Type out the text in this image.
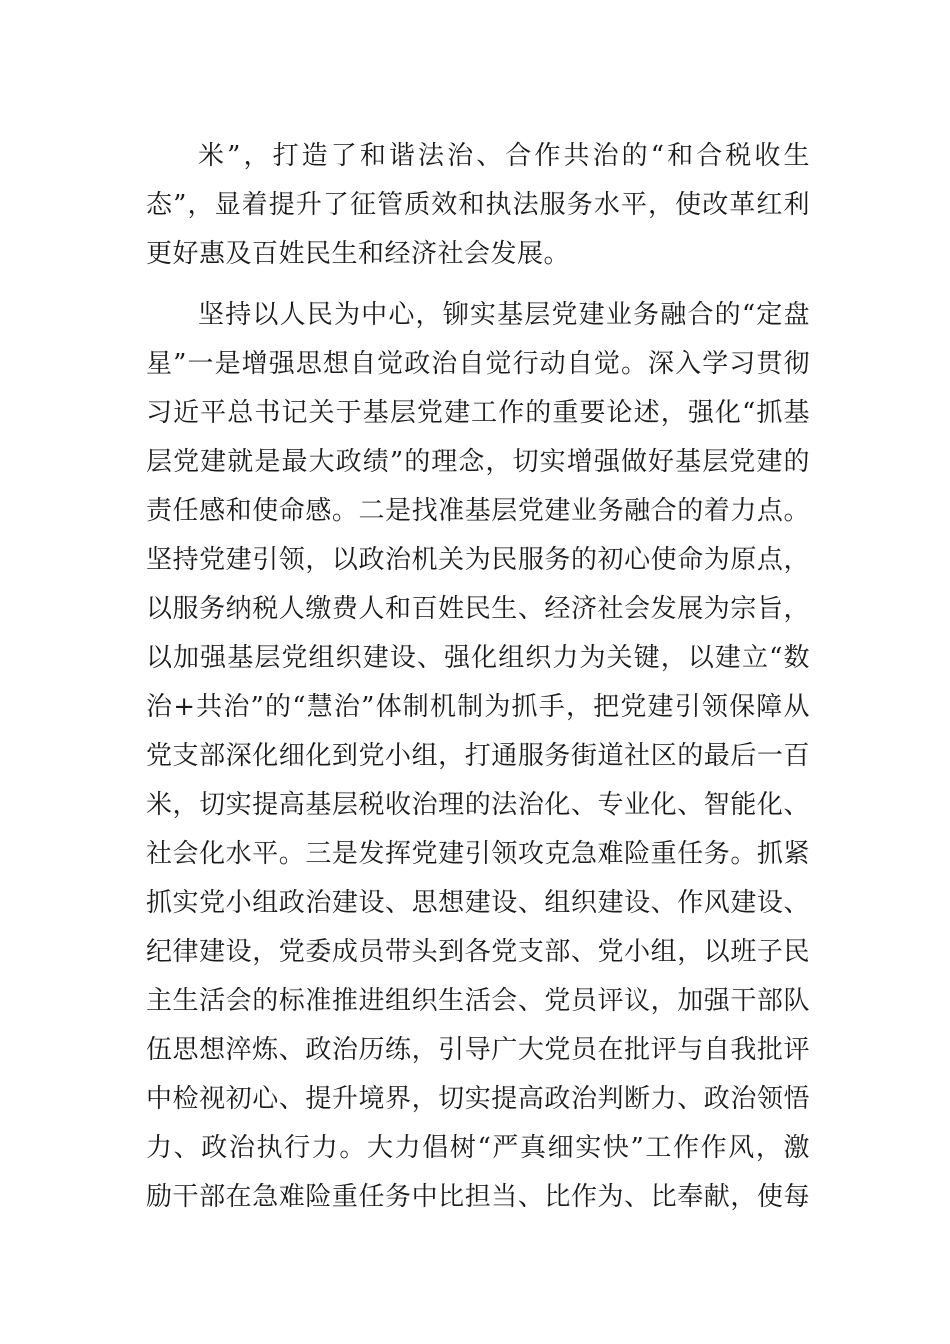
米”，打造了和谐法治、合作共治的“和合税收生
态”，显着提升了征管质效和执法服务水平，使改革红利
更好惠及百姓民生和经济社会发展。
坚持以人民为中心，铆实基层党建业务融合的“定盘
星”一是增强思想自觉政治自觉行动自觉。深入学习贯彻
习近平总书记关于基层党建工作的重要论述，强化“抓基
层党建就是最大政绩”的理念，切实增强做好基层党建的
责任感和使命感。二是找准基层党建业务融合的着力点。
坚持党建引领，以政治机关为民服务的初心使命为原点，
以服务纳税人缴费人和百姓民生、经济社会发展为宗旨，
以加强基层党组织建设、强化组织力为关键，以建立“数
治+共治”的“慧治”体制机制为抓手，把党建引领保障从
党支部深化细化到党小组，打通服务街道社区的最后一百
米，切实提高基层税收治理的法治化、专业化、智能化、
社会化水平。三是发挥党建引领攻克急难险重任务。抓紧
抓实党小组政治建设、思想建设、组织建设、作风建设、
纪律建设，党委成员带头到各党支部、党小组，以班子民
主生活会的标准推进组织生活会、党员评议，加强干部队
伍思想淬炼、政治历练，引导广大党员在批评与自我批评
中检视初心、提升境界，切实提高政治判断力、政治领悟
力、政治执行力。大力倡树“严真细实快”工作作风，激
励干部在急难险重任务中比担当、比作为、比奉献，使每
